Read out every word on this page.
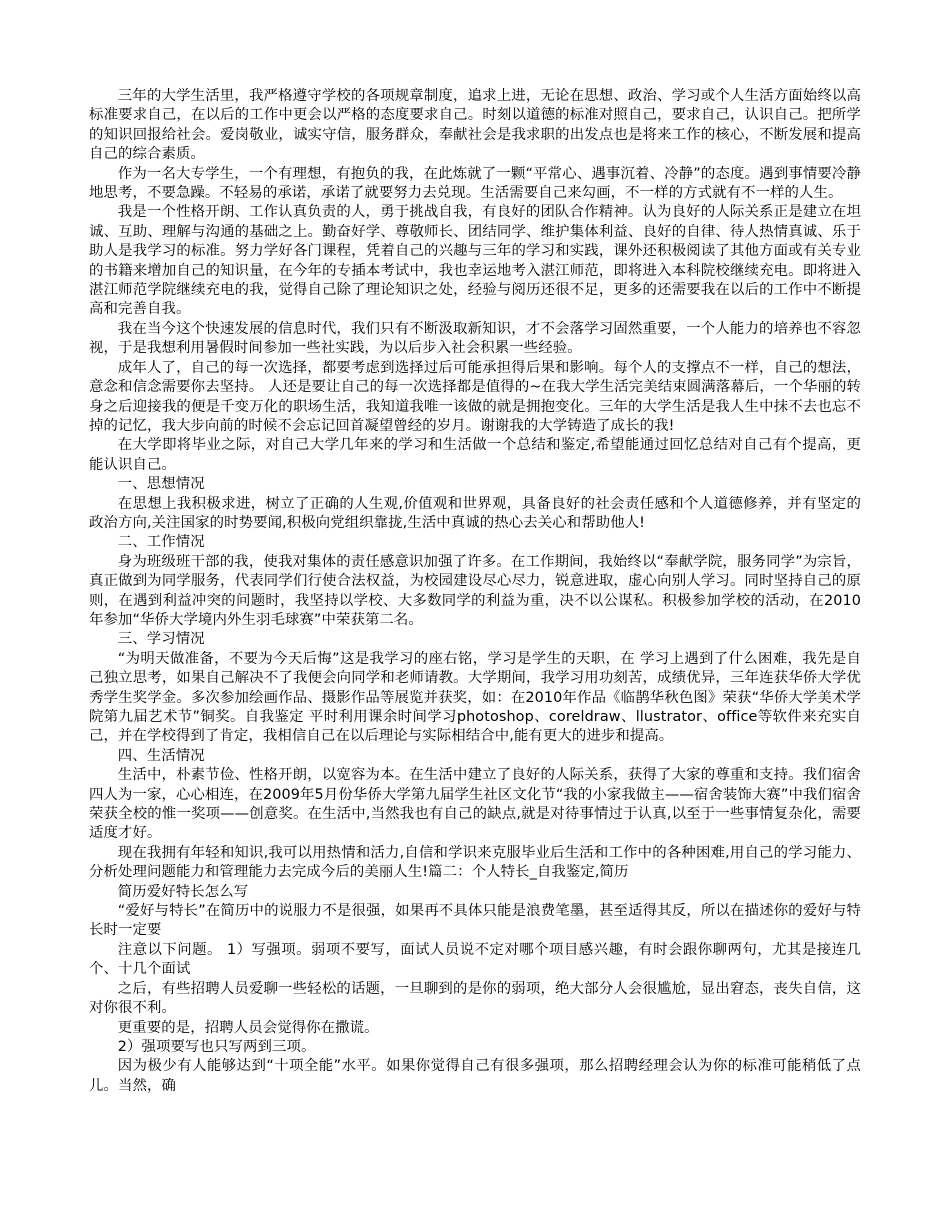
三年的大学生活里，我严格遵守学校的各项规章制度，追求上进，无论在思想、政治、学习或个人生活方面始终以高标准要求自己，在以后的工作中更会以严格的态度要求自己。时刻以道德的标准对照自己，要求自己，认识自己。把所学的知识回报给社会。爱岗敬业，诚实守信，服务群众，奉献社会是我求职的出发点也是将来工作的核心，不断发展和提高自己的综合素质。

作为一名大专学生，一个有理想，有抱负的我，在此炼就了一颗“平常心、遇事沉着、冷静”的态度。遇到事情要冷静地思考，不要急躁。不轻易的承诺，承诺了就要努力去兑现。生活需要自己来勾画，不一样的方式就有不一样的人生。

我是一个性格开朗、工作认真负责的人，勇于挑战自我，有良好的团队合作精神。认为良好的人际关系正是建立在坦诚、互助、理解与沟通的基础之上。勤奋好学、尊敬师长、团结同学、维护集体利益、良好的自律、待人热情真诚、乐于助人是我学习的标准。努力学好各门课程，凭着自己的兴趣与三年的学习和实践，课外还积极阅读了其他方面或有关专业的书籍来增加自己的知识量，在今年的专插本考试中，我也幸运地考入湛江师范，即将进入本科院校继续充电。即将进入湛江师范学院继续充电的我，觉得自己除了理论知识之处，经验与阅历还很不足，更多的还需要我在以后的工作中不断提高和完善自我。

我在当今这个快速发展的信息时代，我们只有不断汲取新知识，才不会落学习固然重要，一个人能力的培养也不容忽视，于是我想利用暑假时间参加一些社实践，为以后步入社会积累一些经验。

成年人了，自己的每一次选择，都要考虑到选择过后可能承担得后果和影响。每个人的支撑点不一样，自己的想法，意念和信念需要你去坚持。 人还是要让自己的每一次选择都是值得的~在我大学生活完美结束圆满落幕后，一个华丽的转身之后迎接我的便是千变万化的职场生活，我知道我唯一该做的就是拥抱变化。三年的大学生活是我人生中抹不去也忘不掉的记忆，我大步向前的时候不会忘记回首凝望曾经的岁月。谢谢我的大学铸造了成长的我!

在大学即将毕业之际，对自己大学几年来的学习和生活做一个总结和鉴定,希望能通过回忆总结对自己有个提高，更能认识自己。

一、思想情况

在思想上我积极求进，树立了正确的人生观,价值观和世界观，具备良好的社会责任感和个人道德修养，并有坚定的政治方向,关注国家的时势要闻,积极向党组织靠拢,生活中真诚的热心去关心和帮助他人!

二、工作情况

身为班级班干部的我，使我对集体的责任感意识加强了许多。在工作期间，我始终以“奉献学院，服务同学”为宗旨，真正做到为同学服务，代表同学们行使合法权益，为校园建设尽心尽力，锐意进取，虚心向别人学习。同时坚持自己的原则，在遇到利益冲突的问题时，我坚持以学校、大多数同学的利益为重，决不以公谋私。积极参加学校的活动，在2010年参加“华侨大学境内外生羽毛球赛”中荣获第二名。

三、学习情况

“为明天做准备，不要为今天后悔”这是我学习的座右铭，学习是学生的天职，在 学习上遇到了什么困难，我先是自己独立思考，如果自己解决不了我便会向同学和老师请教。大学期间，我学习用功刻苦，成绩优异，三年连获华侨大学优秀学生奖学金。多次参加绘画作品、摄影作品等展览并获奖，如：在2010年作品《临鹊华秋色图》荣获“华侨大学美术学院第九届艺术节”铜奖。自我鉴定 平时利用课余时间学习photoshop、coreldraw、llustrator、office等软件来充实自己，并在学校得到了肯定，我相信自己在以后理论与实际相结合中,能有更大的进步和提高。

四、生活情况

生活中，朴素节俭、性格开朗，以宽容为本。在生活中建立了良好的人际关系，获得了大家的尊重和支持。我们宿舍四人为一家，心心相连，在2009年5月份华侨大学第九届学生社区文化节“我的小家我做主——宿舍装饰大赛”中我们宿舍荣获全校的惟一奖项——创意奖。在生活中,当然我也有自己的缺点,就是对待事情过于认真,以至于一些事情复杂化，需要适度才好。

现在我拥有年轻和知识,我可以用热情和活力,自信和学识来克服毕业后生活和工作中的各种困难,用自己的学习能力、分析处理问题能力和管理能力去完成今后的美丽人生!篇二：个人特长_自我鉴定,简历

简历爱好特长怎么写

“爱好与特长”在简历中的说服力不是很强，如果再不具体只能是浪费笔墨，甚至适得其反，所以在描述你的爱好与特长时一定要

注意以下问题。 1）写强项。弱项不要写，面试人员说不定对哪个项目感兴趣，有时会跟你聊两句，尤其是接连几个、十几个面试

之后，有些招聘人员爱聊一些轻松的话题，一旦聊到的是你的弱项，绝大部分人会很尴尬，显出窘态，丧失自信，这对你很不利。

更重要的是，招聘人员会觉得你在撒谎。

2）强项要写也只写两到三项。

因为极少有人能够达到“十项全能”水平。如果你觉得自己有很多强项，那么招聘经理会认为你的标准可能稍低了点儿。当然，确
